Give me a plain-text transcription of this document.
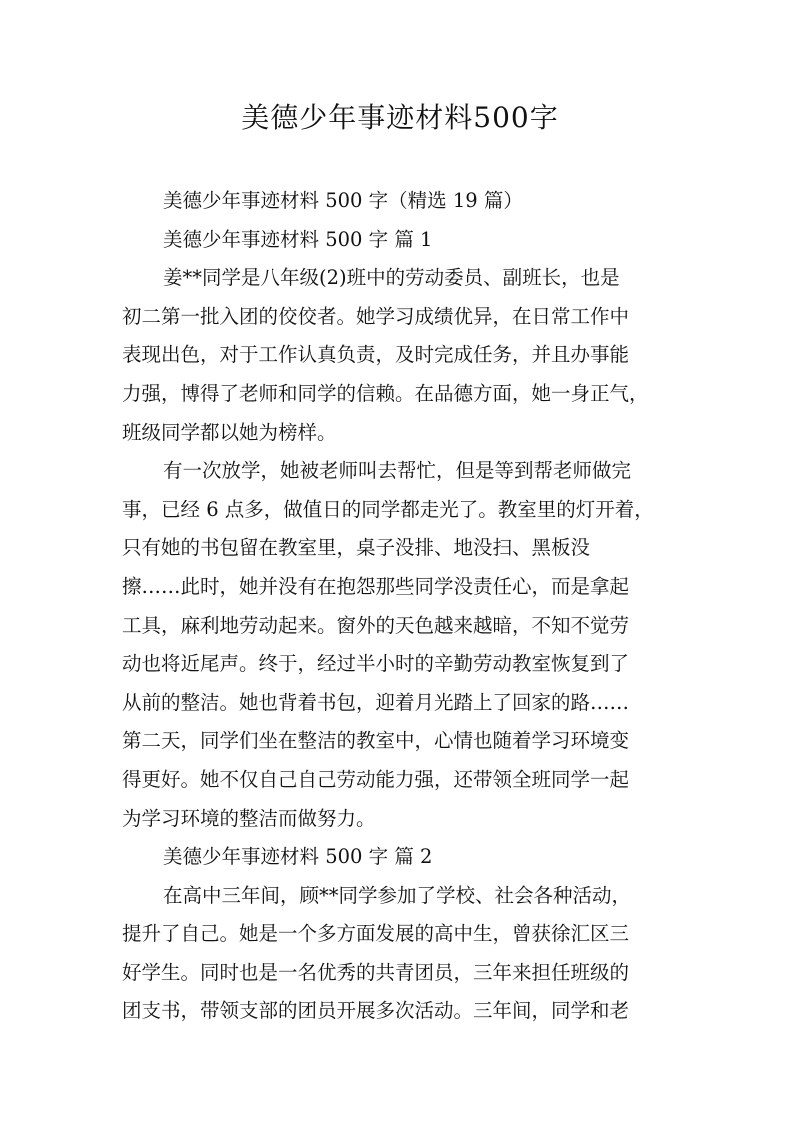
美德少年事迹材料500字

美德少年事迹材料 500 字（精选 19 篇）

美德少年事迹材料 500 字 篇 1

姜**同学是八年级(2)班中的劳动委员、副班长，也是

初二第一批入团的佼佼者。她学习成绩优异，在日常工作中

表现出色，对于工作认真负责，及时完成任务，并且办事能

力强，博得了老师和同学的信赖。在品德方面，她一身正气，

班级同学都以她为榜样。

有一次放学，她被老师叫去帮忙，但是等到帮老师做完

事，已经 6 点多，做值日的同学都走光了。教室里的灯开着，

只有她的书包留在教室里，桌子没排、地没扫、黑板没

擦……此时，她并没有在抱怨那些同学没责任心，而是拿起

工具，麻利地劳动起来。窗外的天色越来越暗，不知不觉劳

动也将近尾声。终于，经过半小时的辛勤劳动教室恢复到了

从前的整洁。她也背着书包，迎着月光踏上了回家的路……

第二天，同学们坐在整洁的教室中，心情也随着学习环境变

得更好。她不仅自己自己劳动能力强，还带领全班同学一起

为学习环境的整洁而做努力。

美德少年事迹材料 500 字 篇 2

在高中三年间，顾**同学参加了学校、社会各种活动，

提升了自己。她是一个多方面发展的高中生，曾获徐汇区三

好学生。同时也是一名优秀的共青团员，三年来担任班级的

团支书，带领支部的团员开展多次活动。三年间，同学和老
